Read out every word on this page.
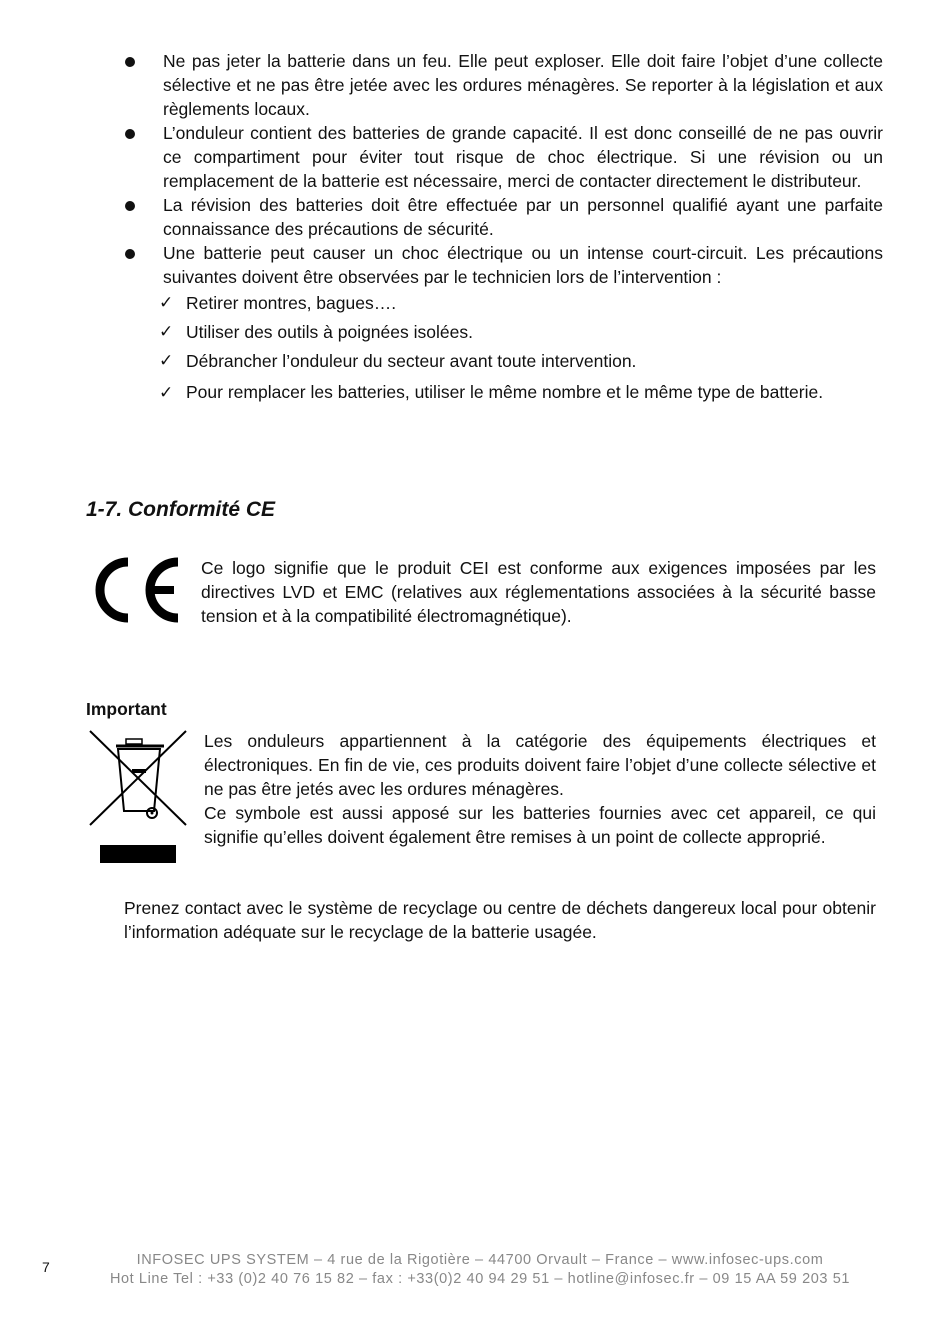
Ne pas jeter la batterie dans un feu. Elle peut exploser. Elle doit faire l’objet d’une collecte sélective et ne pas être jetée avec les ordures ménagères. Se reporter à la législation et aux règlements locaux.
L’onduleur contient des batteries de grande capacité. Il est donc conseillé de ne pas ouvrir ce compartiment pour éviter tout risque de choc électrique. Si une révision ou un remplacement de la batterie est nécessaire, merci de contacter directement le distributeur.
La révision des batteries doit être effectuée par un personnel qualifié ayant une parfaite connaissance des précautions de sécurité.
Une batterie peut causer un choc électrique ou un intense court-circuit. Les précautions suivantes doivent être observées par le technicien lors de l’intervention :
✓ Retirer montres, bagues….
✓ Utiliser des outils à poignées isolées.
✓ Débrancher l’onduleur du secteur avant toute intervention.
✓ Pour remplacer les batteries, utiliser le même nombre et le même type de batterie.
1-7. Conformité CE
Ce logo signifie que le produit CEI est conforme aux exigences imposées par les directives LVD et EMC (relatives aux réglementations associées à la sécurité basse tension et à la compatibilité électromagnétique).
Important
Les onduleurs appartiennent à la catégorie des équipements électriques et électroniques. En fin de vie, ces produits doivent faire l’objet d’une collecte sélective et ne pas être jetés avec les ordures ménagères.
Ce symbole est aussi apposé sur les batteries fournies avec cet appareil, ce qui signifie qu’elles doivent également être remises à un point de collecte approprié.
Prenez contact avec le système de recyclage ou centre de déchets dangereux local pour obtenir l’information adéquate sur le recyclage de la batterie usagée.
7	INFOSEC UPS SYSTEM – 4 rue de la Rigotière – 44700 Orvault – France – www.infosec-ups.com
Hot Line Tel : +33 (0)2 40 76 15 82 – fax : +33(0)2 40 94 29 51 – hotline@infosec.fr – 09 15 AA 59 203 51
